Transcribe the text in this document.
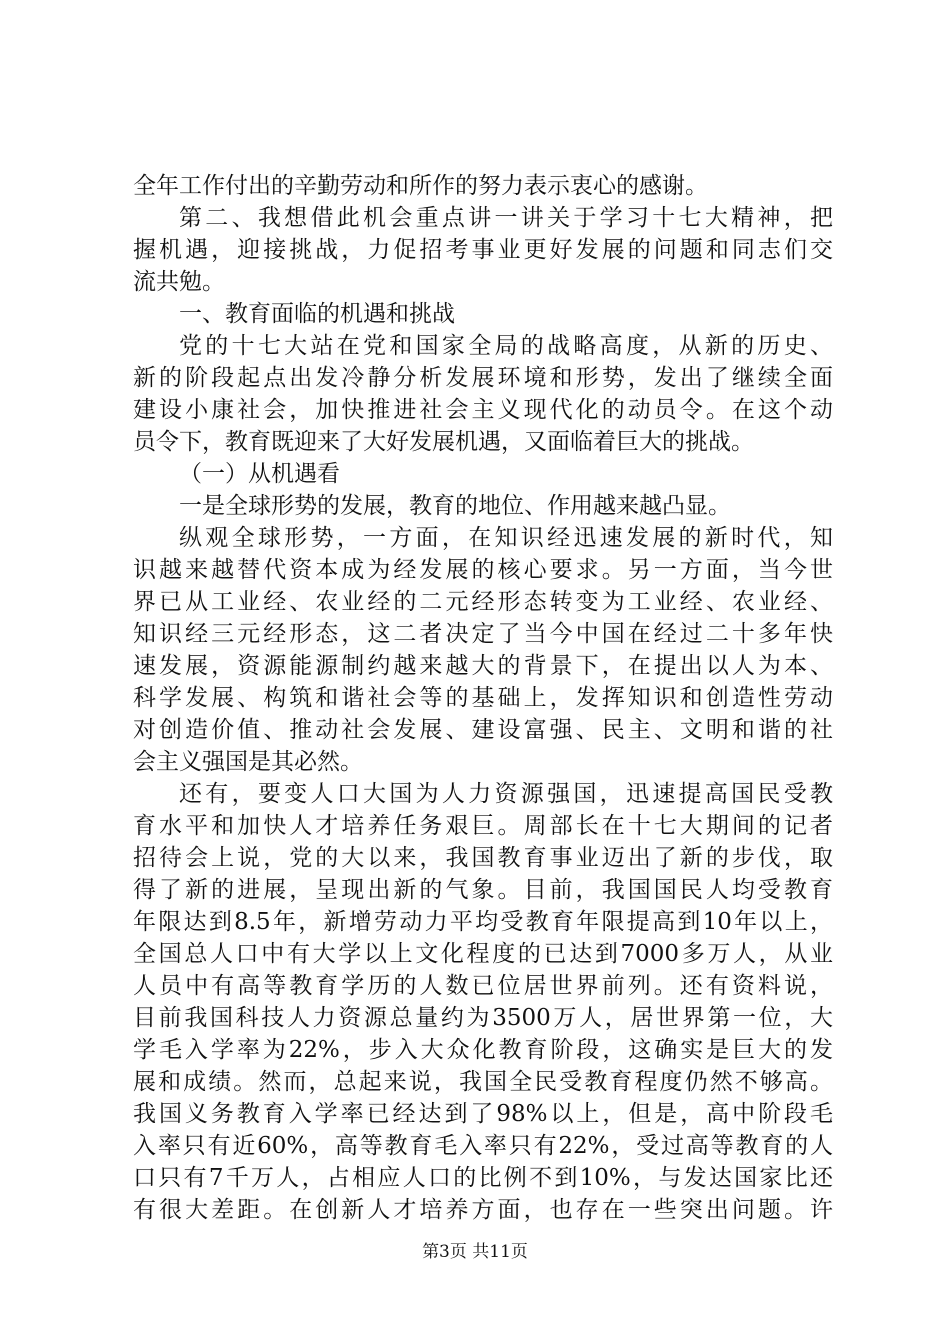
全年工作付出的辛勤劳动和所作的努力表示衷心的感谢。
第二、我想借此机会重点讲一讲关于学习十七大精神，把
握机遇，迎接挑战，力促招考事业更好发展的问题和同志们交
流共勉。
一、教育面临的机遇和挑战
党的十七大站在党和国家全局的战略高度，从新的历史、
新的阶段起点出发冷静分析发展环境和形势，发出了继续全面
建设小康社会，加快推进社会主义现代化的动员令。在这个动
员令下，教育既迎来了大好发展机遇，又面临着巨大的挑战。
（一）从机遇看
一是全球形势的发展，教育的地位、作用越来越凸显。
纵观全球形势，一方面，在知识经迅速发展的新时代，知
识越来越替代资本成为经发展的核心要求。另一方面，当今世
界已从工业经、农业经的二元经形态转变为工业经、农业经、
知识经三元经形态，这二者决定了当今中国在经过二十多年快
速发展，资源能源制约越来越大的背景下，在提出以人为本、
科学发展、构筑和谐社会等的基础上，发挥知识和创造性劳动
对创造价值、推动社会发展、建设富强、民主、文明和谐的社
会主义强国是其必然。
还有，要变人口大国为人力资源强国，迅速提高国民受教
育水平和加快人才培养任务艰巨。周部长在十七大期间的记者
招待会上说，党的大以来，我国教育事业迈出了新的步伐，取
得了新的进展，呈现出新的气象。目前，我国国民人均受教育
年限达到8.5年，新增劳动力平均受教育年限提高到10年以上，
全国总人口中有大学以上文化程度的已达到7000多万人，从业
人员中有高等教育学历的人数已位居世界前列。还有资料说，
目前我国科技人力资源总量约为3500万人，居世界第一位，大
学毛入学率为22%，步入大众化教育阶段，这确实是巨大的发
展和成绩。然而，总起来说，我国全民受教育程度仍然不够高。
我国义务教育入学率已经达到了98%以上，但是，高中阶段毛
入率只有近60%，高等教育毛入率只有22%，受过高等教育的人
口只有7千万人，占相应人口的比例不到10%，与发达国家比还
有很大差距。在创新人才培养方面，也存在一些突出问题。许
第3页 共11页
